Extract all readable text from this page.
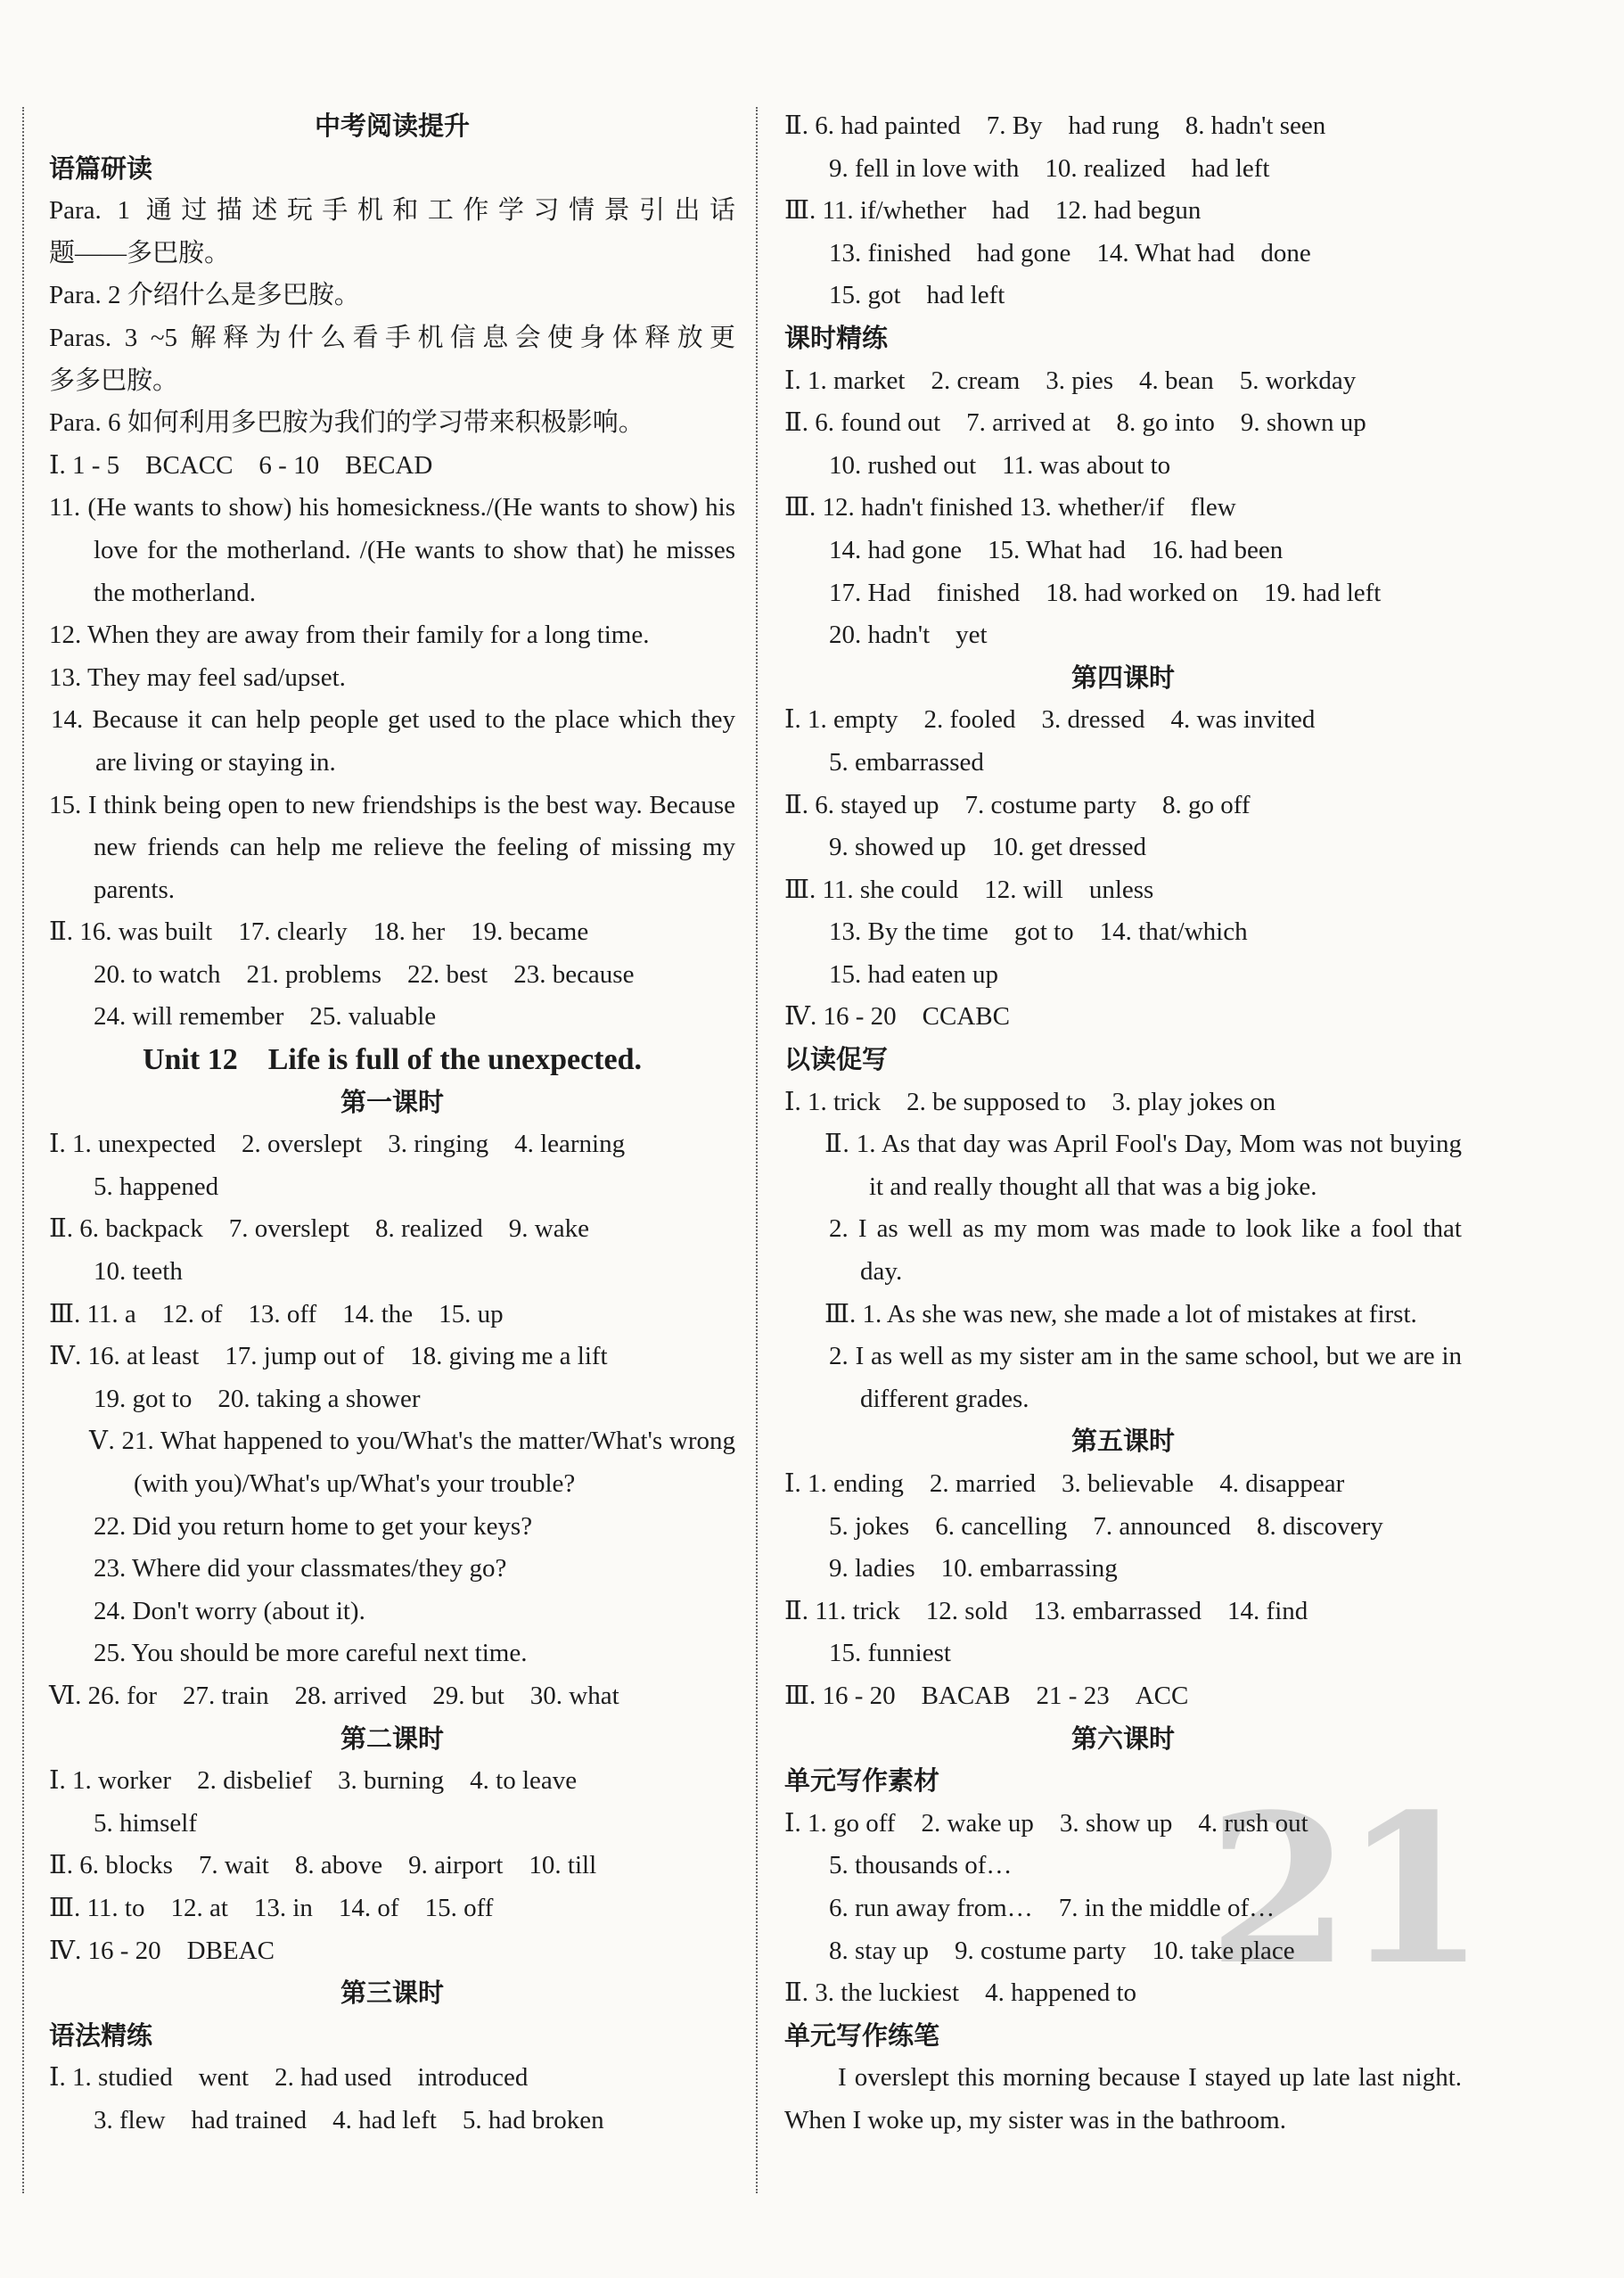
21
中考阅读提升
语篇研读
Para. 1 通过描述玩手机和工作学习情景引出话
题——多巴胺。
Para. 2 介绍什么是多巴胺。
Paras. 3 ~5 解释为什么看手机信息会使身体释放更
多多巴胺。
Para. 6 如何利用多巴胺为我们的学习带来积极影响。
Ⅰ. 1 - 5　BCACC　6 - 10　BECAD
11. (He wants to show) his homesickness./(He wants to show) his love for the motherland. /(He wants to show that) he misses the motherland.
12. When they are away from their family for a long time.
13. They may feel sad/upset.
14. Because it can help people get used to the place which they are living or staying in.
15. I think being open to new friendships is the best way. Because new friends can help me relieve the feeling of missing my parents.
Ⅱ. 16. was built　17. clearly　18. her　19. became
20. to watch　21. problems　22. best　23. because
24. will remember　25. valuable
Unit 12　Life is full of the unexpected.
第一课时
Ⅰ. 1. unexpected　2. overslept　3. ringing　4. learning
5. happened
Ⅱ. 6. backpack　7. overslept　8. realized　9. wake
10. teeth
Ⅲ. 11. a　12. of　13. off　14. the　15. up
Ⅳ. 16. at least　17. jump out of　18. giving me a lift
19. got to　20. taking a shower
Ⅴ. 21. What happened to you/What's the matter/What's wrong (with you)/What's up/What's your trouble?
22. Did you return home to get your keys?
23. Where did your classmates/they go?
24. Don't worry (about it).
25. You should be more careful next time.
Ⅵ. 26. for　27. train　28. arrived　29. but　30. what
第二课时
Ⅰ. 1. worker　2. disbelief　3. burning　4. to leave
5. himself
Ⅱ. 6. blocks　7. wait　8. above　9. airport　10. till
Ⅲ. 11. to　12. at　13. in　14. of　15. off
Ⅳ. 16 - 20　DBEAC
第三课时
语法精练
Ⅰ. 1. studied　went　2. had used　introduced
3. flew　had trained　4. had left　5. had broken
Ⅱ. 6. had painted　7. By　had rung　8. hadn't seen
9. fell in love with　10. realized　had left
Ⅲ. 11. if/whether　had　12. had begun
13. finished　had gone　14. What had　done
15. got　had left
课时精练
Ⅰ. 1. market　2. cream　3. pies　4. bean　5. workday
Ⅱ. 6. found out　7. arrived at　8. go into　9. shown up
10. rushed out　11. was about to
Ⅲ. 12. hadn't finished 13. whether/if　flew
14. had gone　15. What had　16. had been
17. Had　finished　18. had worked on　19. had left
20. hadn't　yet
第四课时
Ⅰ. 1. empty　2. fooled　3. dressed　4. was invited
5. embarrassed
Ⅱ. 6. stayed up　7. costume party　8. go off
9. showed up　10. get dressed
Ⅲ. 11. she could　12. will　unless
13. By the time　got to　14. that/which
15. had eaten up
Ⅳ. 16 - 20　CCABC
以读促写
Ⅰ. 1. trick　2. be supposed to　3. play jokes on
Ⅱ. 1. As that day was April Fool's Day, Mom was not buying it and really thought all that was a big joke.
2. I as well as my mom was made to look like a fool that day.
Ⅲ. 1. As she was new, she made a lot of mistakes at first.
2. I as well as my sister am in the same school, but we are in different grades.
第五课时
Ⅰ. 1. ending　2. married　3. believable　4. disappear
5. jokes　6. cancelling　7. announced　8. discovery
9. ladies　10. embarrassing
Ⅱ. 11. trick　12. sold　13. embarrassed　14. find
15. funniest
Ⅲ. 16 - 20　BACAB　21 - 23　ACC
第六课时
单元写作素材
Ⅰ. 1. go off　2. wake up　3. show up　4. rush out
5. thousands of…
6. run away from…　7. in the middle of…
8. stay up　9. costume party　10. take place
Ⅱ. 3. the luckiest　4. happened to
单元写作练笔
I overslept this morning because I stayed up late last night. When I woke up, my sister was in the bathroom.
